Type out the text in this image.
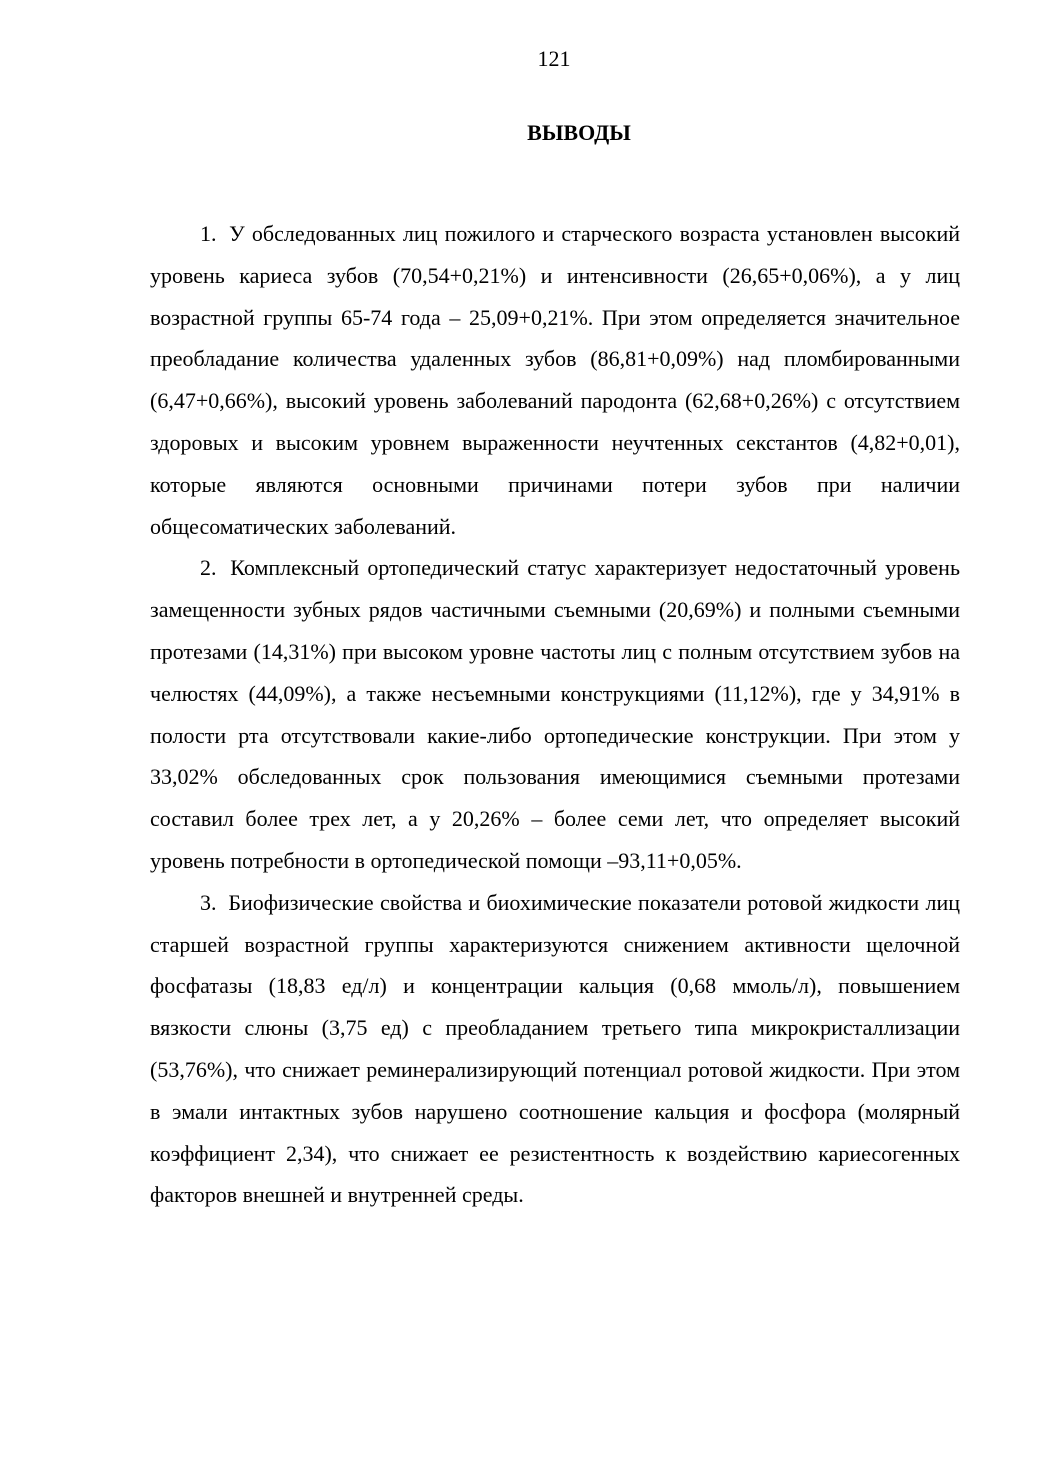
121
ВЫВОДЫ

1. У обследованных лиц пожилого и старческого возраста установлен высокий уровень кариеса зубов (70,54+0,21%) и интенсивности (26,65+0,06%), а у лиц возрастной группы 65-74 года – 25,09+0,21%. При этом определяется значительное преобладание количества удаленных зубов (86,81+0,09%) над пломбированными (6,47+0,66%), высокий уровень заболеваний пародонта (62,68+0,26%) с отсутствием здоровых и высоким уровнем выраженности неучтенных секстантов (4,82+0,01), которые являются основными причинами потери зубов при наличии общесоматических заболеваний.

2. Комплексный ортопедический статус характеризует недостаточный уровень замещенности зубных рядов частичными съемными (20,69%) и полными съемными протезами (14,31%) при высоком уровне частоты лиц с полным отсутствием зубов на челюстях (44,09%), а также несъемными конструкциями (11,12%), где у 34,91% в полости рта отсутствовали какие-либо ортопедические конструкции. При этом у 33,02% обследованных срок пользования имеющимися съемными протезами составил более трех лет, а у 20,26% – более семи лет, что определяет высокий уровень потребности в ортопедической помощи –93,11+0,05%.

3. Биофизические свойства и биохимические показатели ротовой жидкости лиц старшей возрастной группы характеризуются снижением активности щелочной фосфатазы (18,83 ед/л) и концентрации кальция (0,68 ммоль/л), повышением вязкости слюны (3,75 ед) с преобладанием третьего типа микрокристаллизации (53,76%), что снижает реминерализирующий потенциал ротовой жидкости. При этом в эмали интактных зубов нарушено соотношение кальция и фосфора (молярный коэффициент 2,34), что снижает ее резистентность к воздействию кариесогенных факторов внешней и внутренней среды.
